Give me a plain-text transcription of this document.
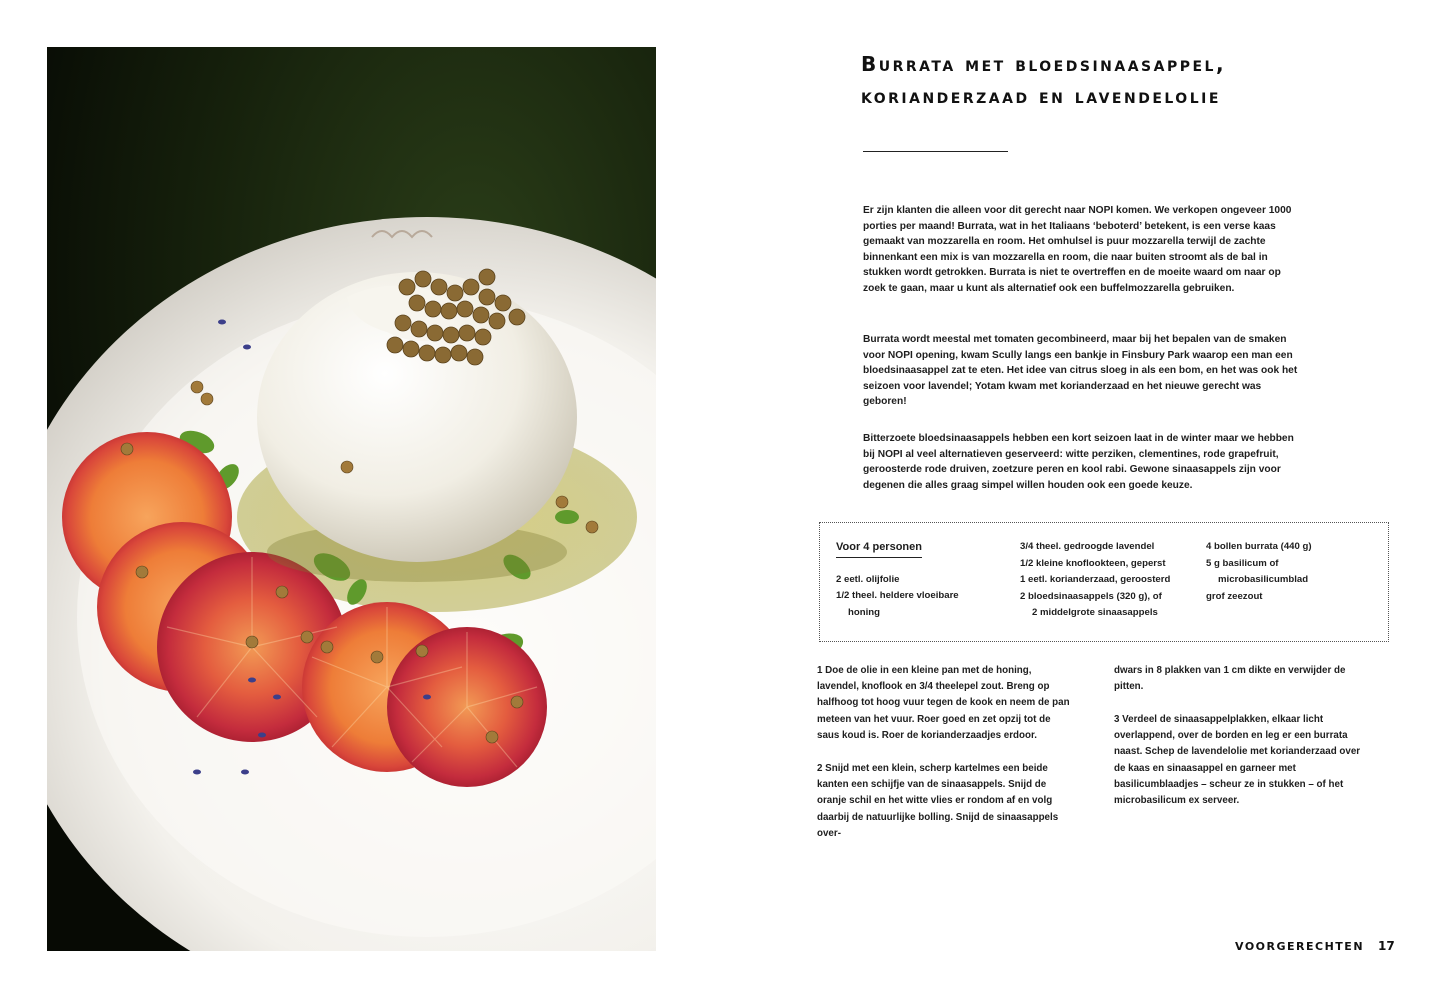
Burrata met bloedsinaasappel,
korianderzaad en lavendelolie

Er zijn klanten die alleen voor dit gerecht naar NOPI komen. We verkopen ongeveer 1000 porties per maand! Burrata, wat in het Italiaans ‘beboterd’ betekent, is een verse kaas gemaakt van mozzarella en room. Het omhulsel is puur mozzarella terwijl de zachte binnenkant een mix is van mozzarella en room, die naar buiten stroomt als de bal in stukken wordt getrokken. Burrata is niet te overtreffen en de moeite waard om naar op zoek te gaan, maar u kunt als alternatief ook een buffelmozzarella gebruiken.

Burrata wordt meestal met tomaten gecombineerd, maar bij het bepalen van de smaken voor NOPI opening, kwam Scully langs een bankje in Finsbury Park waarop een man een bloedsinaasappel zat te eten. Het idee van citrus sloeg in als een bom, en het was ook het seizoen voor lavendel; Yotam kwam met korianderzaad en het nieuwe gerecht was geboren!

Bitterzoete bloedsinaasappels hebben een kort seizoen laat in de winter maar we hebben bij NOPI al veel alternatieven geserveerd: witte perziken, clementines, rode grapefruit, geroosterde rode druiven, zoetzure peren en kool rabi. Gewone sinaasappels zijn voor degenen die alles graag simpel willen houden ook een goede keuze.

Voor 4 personen
2 eetl. olijfolie
1/2 theel. heldere vloeibare
honing
3/4 theel. gedroogde lavendel
1/2 kleine knoflookteen, geperst
1 eetl. korianderzaad, geroosterd
2 bloedsinaasappels (320 g), of
2 middelgrote sinaasappels
4 bollen burrata (440 g)
5 g basilicum of
microbasilicumblad
grof zeezout

1 Doe de olie in een kleine pan met de honing, lavendel, knoflook en 3/4 theelepel zout. Breng op halfhoog tot hoog vuur tegen de kook en neem de pan meteen van het vuur. Roer goed en zet opzij tot de saus koud is. Roer de korianderzaadjes erdoor.

2 Snijd met een klein, scherp kartelmes een beide kanten een schijfje van de sinaasappels. Snijd de oranje schil en het witte vlies er rondom af en volg daarbij de natuurlijke bolling. Snijd de sinaasappels over-

dwars in 8 plakken van 1 cm dikte en verwijder de pitten.

3 Verdeel de sinaasappelplakken, elkaar licht overlappend, over de borden en leg er een burrata naast. Schep de lavendelolie met korianderzaad over de kaas en sinaasappel en garneer met basilicumblaadjes – scheur ze in stukken – of het microbasilicum ex serveer.

VOORGERECHTEN 17
